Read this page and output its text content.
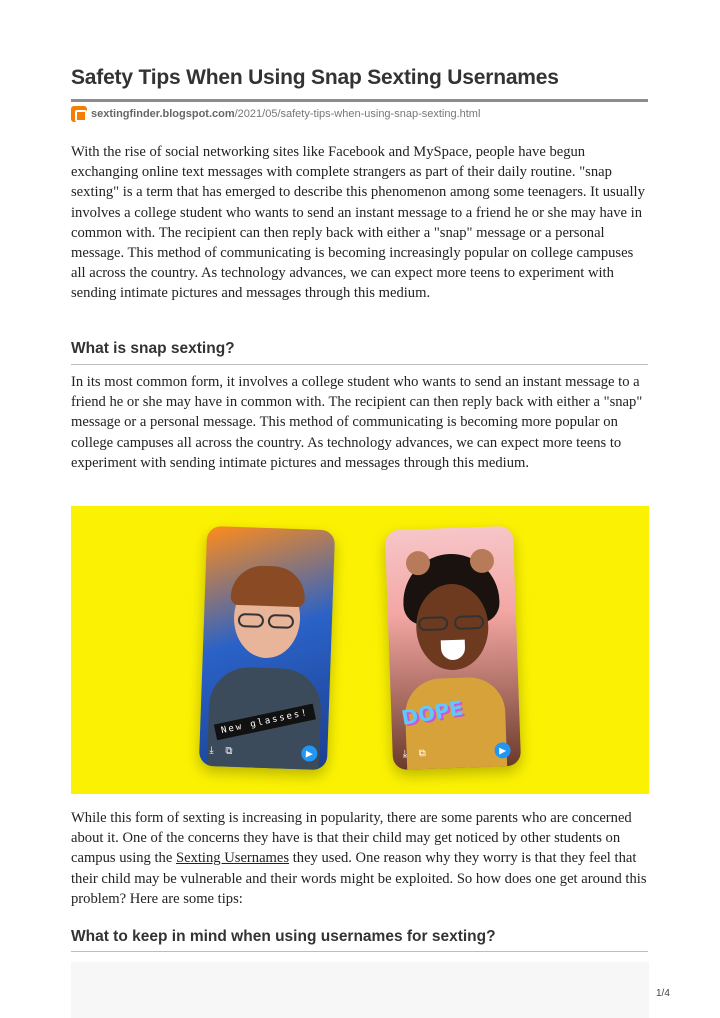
Safety Tips When Using Snap Sexting Usernames
sextingfinder.blogspot.com /2021/05/safety-tips-when-using-snap-sexting.html

With the rise of social networking sites like Facebook and MySpace, people have begun exchanging online text messages with complete strangers as part of their daily routine. "snap sexting" is a term that has emerged to describe this phenomenon among some teenagers. It usually involves a college student who wants to send an instant message to a friend he or she may have in common with. The recipient can then reply back with either a "snap" message or a personal message. This method of communicating is becoming increasingly popular on college campuses all across the country. As technology advances, we can expect more teens to experiment with sending intimate pictures and messages through this medium.

What is snap sexting?

In its most common form, it involves a college student who wants to send an instant message to a friend he or she may have in common with. The recipient can then reply back with either a "snap" message or a personal message. This method of communicating is becoming more popular on college campuses all across the country. As technology advances, we can expect more teens to experiment with sending intimate pictures and messages through this medium.

New glasses!
⤓ ⧉	▶
DOPE
⤓ ⧉	▶

While this form of sexting is increasing in popularity, there are some parents who are concerned about it. One of the concerns they have is that their child may get noticed by other students on campus using the Sexting Usernames they used. One reason why they worry is that they feel that their child may be vulnerable and their words might be exploited. So how does one get around this problem? Here are some tips:

What to keep in mind when using usernames for sexting?
1/4
